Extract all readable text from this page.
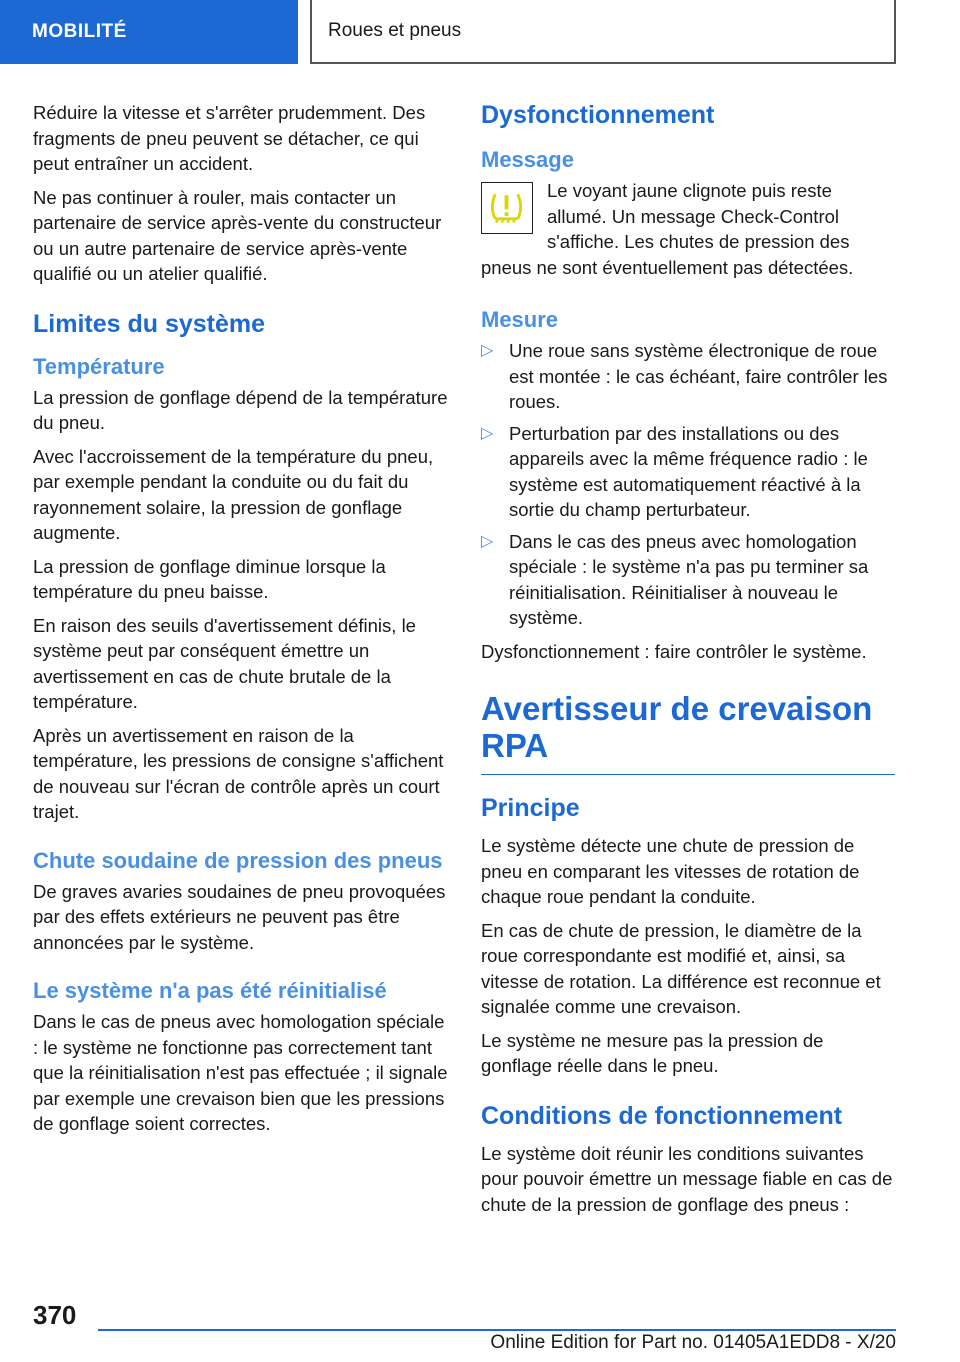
MOBILITÉ	Roues et pneus

Réduire la vitesse et s'arrêter prudemment. Des fragments de pneu peuvent se détacher, ce qui peut entraîner un accident.

Ne pas continuer à rouler, mais contacter un partenaire de service après-vente du constructeur ou un autre partenaire de service après-vente qualifié ou un atelier qualifié.

Limites du système
Température

La pression de gonflage dépend de la température du pneu.

Avec l'accroissement de la température du pneu, par exemple pendant la conduite ou du fait du rayonnement solaire, la pression de gonflage augmente.

La pression de gonflage diminue lorsque la température du pneu baisse.

En raison des seuils d'avertissement définis, le système peut par conséquent émettre un avertissement en cas de chute brutale de la température.

Après un avertissement en raison de la température, les pressions de consigne s'affichent de nouveau sur l'écran de contrôle après un court trajet.

Chute soudaine de pression des pneus

De graves avaries soudaines de pneu provoquées par des effets extérieurs ne peuvent pas être annoncées par le système.

Le système n'a pas été réinitialisé

Dans le cas de pneus avec homologation spéciale : le système ne fonctionne pas correctement tant que la réinitialisation n'est pas effectuée ; il signale par exemple une crevaison bien que les pressions de gonflage soient correctes.

Dysfonctionnement
Message

Le voyant jaune clignote puis reste allumé. Un message Check-Control s'affiche. Les chutes de pression des pneus ne sont éventuellement pas détectées.

Mesure
▷ Une roue sans système électronique de roue est montée : le cas échéant, faire contrôler les roues.
▷ Perturbation par des installations ou des appareils avec la même fréquence radio : le système est automatiquement réactivé à la sortie du champ perturbateur.
▷ Dans le cas des pneus avec homologation spéciale : le système n'a pas pu terminer sa réinitialisation. Réinitialiser à nouveau le système.

Dysfonctionnement : faire contrôler le système.

Avertisseur de crevaison RPA
Principe

Le système détecte une chute de pression de pneu en comparant les vitesses de rotation de chaque roue pendant la conduite.

En cas de chute de pression, le diamètre de la roue correspondante est modifié et, ainsi, sa vitesse de rotation. La différence est reconnue et signalée comme une crevaison.

Le système ne mesure pas la pression de gonflage réelle dans le pneu.

Conditions de fonctionnement

Le système doit réunir les conditions suivantes pour pouvoir émettre un message fiable en cas de chute de la pression de gonflage des pneus :

370
Online Edition for Part no. 01405A1EDD8 - X/20
